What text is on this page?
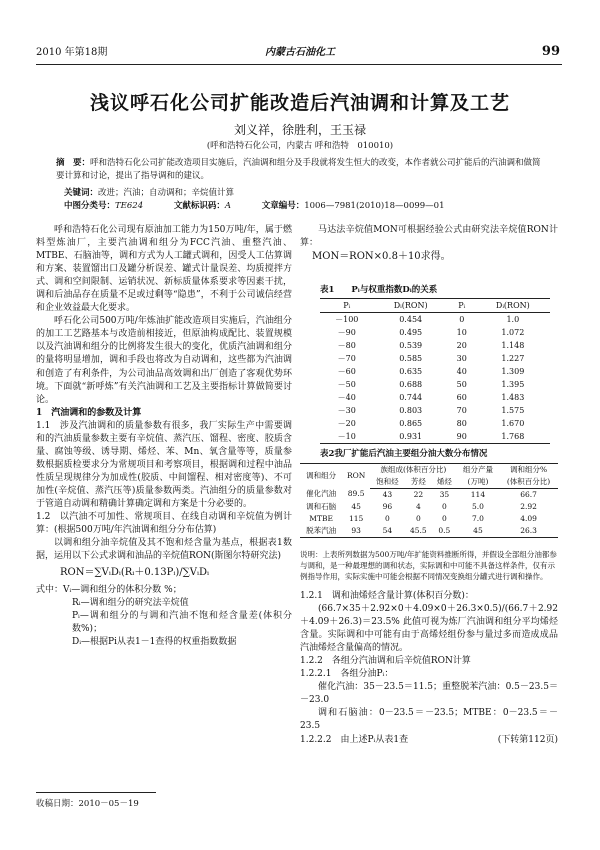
2010 年第18期	内蒙古石油化工	99
浅议呼石化公司扩能改造后汽油调和计算及工艺
刘义祥，徐胜利，王玉禄
(呼和浩特石化公司，内蒙古 呼和浩特　010010)
摘　要：呼和浩特石化公司扩能改造项目实施后，汽油调和组分及手段就将发生恒大的改变，本作者就公司扩能后的汽油调和做简要计算和讨论，提出了指导调和的建议。
关键词：改进；汽油；自动调和；辛烷值计算
中图分类号：TE624	文献标识码：A	文章编号：1006—7981(2010)18—0099—01

呼和浩特石化公司现有原油加工能力为150万吨/年，属于燃料型炼油厂，主要汽油调和组分为FCC汽油、重整汽油、MTBE、石脑油等，调和方式为人工罐式调和，因受人工估算调和方案、装置馏出口及罐分析误差、罐式计量误差、均质搅拌方式、调和空间限制、运销状况、新标质量体系要求等因素干扰，调和后油品存在质量不足或过剩等“隐患”，不利于公司诚信经营和企业效益最大化要求。

呼石化公司500万吨/年炼油扩能改造项目实施后，汽油组分的加工工艺路基本与改造前相接近，但原油构成配比、装置规模以及汽油调和组分的比例将发生很大的变化，优质汽油调和组分的量将明显增加，调和手段也将改为自动调和，这些都为汽油调和创造了有利条件，为公司油品高效调和出厂创造了客观优势环境。下面就“新呼炼”有关汽油调和工艺及主要指标计算做简要讨论。

1　汽油调和的参数及计算

1.1　涉及汽油调和的质量参数有很多，我厂实际生产中需要调和的汽油质量参数主要有辛烷值、蒸汽压、馏程、密度、胶质含量、腐蚀等级、诱导期、烯烃、苯、Mn、氧含量等等，质量参数根据质检要求分为常规项目和考察项目，根据调和过程中油品性质呈现规律分为加成性(胶质、中间馏程、相对密度等)、不可加性(辛烷值、蒸汽压等)质量参数两类。汽油组分的质量参数对于管道自动调和精确计算确定调和方案是十分必要的。

1.2　以汽油不可加性、常规项目、在线自动调和辛烷值为例计算：(根据500万吨/年汽油调和组分分布估算)

以调和组分油辛烷值及其不饱和烃含量为基点，根据表1数据，运用以下公式求调和油品的辛烷值RON(斯图尔特研究法)

RON＝∑VᵢDᵢ(Rᵢ＋0.13Pᵢ)/∑VᵢDᵢ

式中：Vᵢ—调和组分的体积分数 %；

Rᵢ—调和组分的研究法辛烷值

Pᵢ—调和组分的与调和汽油不饱和烃含量差(体积分数%)；

Dᵢ—根据Pi从表1－1查得的权重指数数据

马达法辛烷值MON可根据经验公式由研究法辛烷值RON计算：

MON＝RON×0.8＋10求得。

表1　　Pᵢ与权重指数Dᵢ的关系
Pᵢ	Dᵢ(RON)	Pᵢ	Dᵢ(RON)
－100	0.454	0	1.0
－90	0.495	10	1.072
－80	0.539	20	1.148
－70	0.585	30	1.227
－60	0.635	40	1.309
－50	0.688	50	1.395
－40	0.744	60	1.483
－30	0.803	70	1.575
－20	0.865	80	1.670
－10	0.931	90	1.768
表2我厂扩能后汽油主要组分油大数分布情况
调和组分	RON	族组成(体积百分比)			组分产量	调和组分%
		饱和烃	芳烃	烯烃	(万吨)	(体积百分比)
催化汽油	89.5	43	22	35	114	66.7
调和石脑	45	96	4	0	5.0	2.92
MTBE	115	0	0	0	7.0	4.09
脱苯汽油	93	54	45.5	0.5	45	26.3
说明：上表所列数据为500万吨/年扩能资料推断所得，并假设全部组分油都参与调和，是一种最理想的调和状态，实际调和中可能不具备这样条件，仅有示例指导作用，实际实施中可能会根据不同情况变换组分罐式进行调和操作。

1.2.1　调和油烯烃含量计算(体积百分数)：

(66.7×35＋2.92×0＋4.09×0＋26.3×0.5)/(66.7＋2.92＋4.09＋26.3)＝23.5% 此值可视为炼厂汽油调和组分平均烯烃含量。实际调和中可能有由于高烯烃组份参与量过多而造成成品汽油烯烃含量偏高的情况。

1.2.2　各组分汽油调和后辛烷值RON计算

1.2.2.1　各组分油Pᵢ：

催化汽油：35－23.5＝11.5；重整脱苯汽油：0.5－23.5＝－23.0

调和石脑油：0－23.5＝－23.5；MTBE：0－23.5＝－23.5

1.2.2.2　由上述Pᵢ从表1查	(下转第112页)

收稿日期：2010－05－19
